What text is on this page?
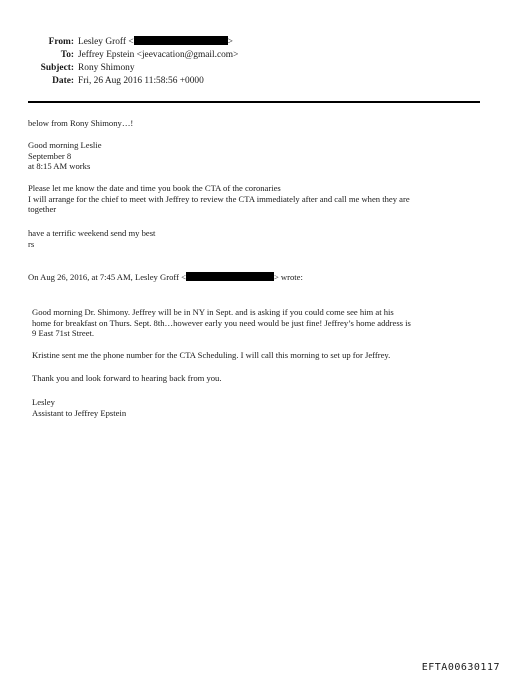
From: Lesley Groff <	>
To: Jeffrey Epstein <jeevacation@gmail.com>
Subject: Rony Shimony
Date: Fri, 26 Aug 2016 11:58:56 +0000
below from Rony Shimony…!
Good morning Leslie
September 8
at 8:15 AM works
Please let me know the date and time you book the CTA of the coronaries
I will arrange for the chief to meet with Jeffrey to review the CTA immediately after and call me when they are
together
have a terrific weekend send my best
rs
On Aug 26, 2016, at 7:45 AM, Lesley Groff <	> wrote:
Good morning Dr. Shimony. Jeffrey will be in NY in Sept. and is asking if you could come see him at his
home for breakfast on Thurs. Sept. 8th…however early you need would be just fine! Jeffrey’s home address is
9 East 71st Street.
Kristine sent me the phone number for the CTA Scheduling. I will call this morning to set up for Jeffrey.
Thank you and look forward to hearing back from you.
Lesley
Assistant to Jeffrey Epstein
EFTA00630117
